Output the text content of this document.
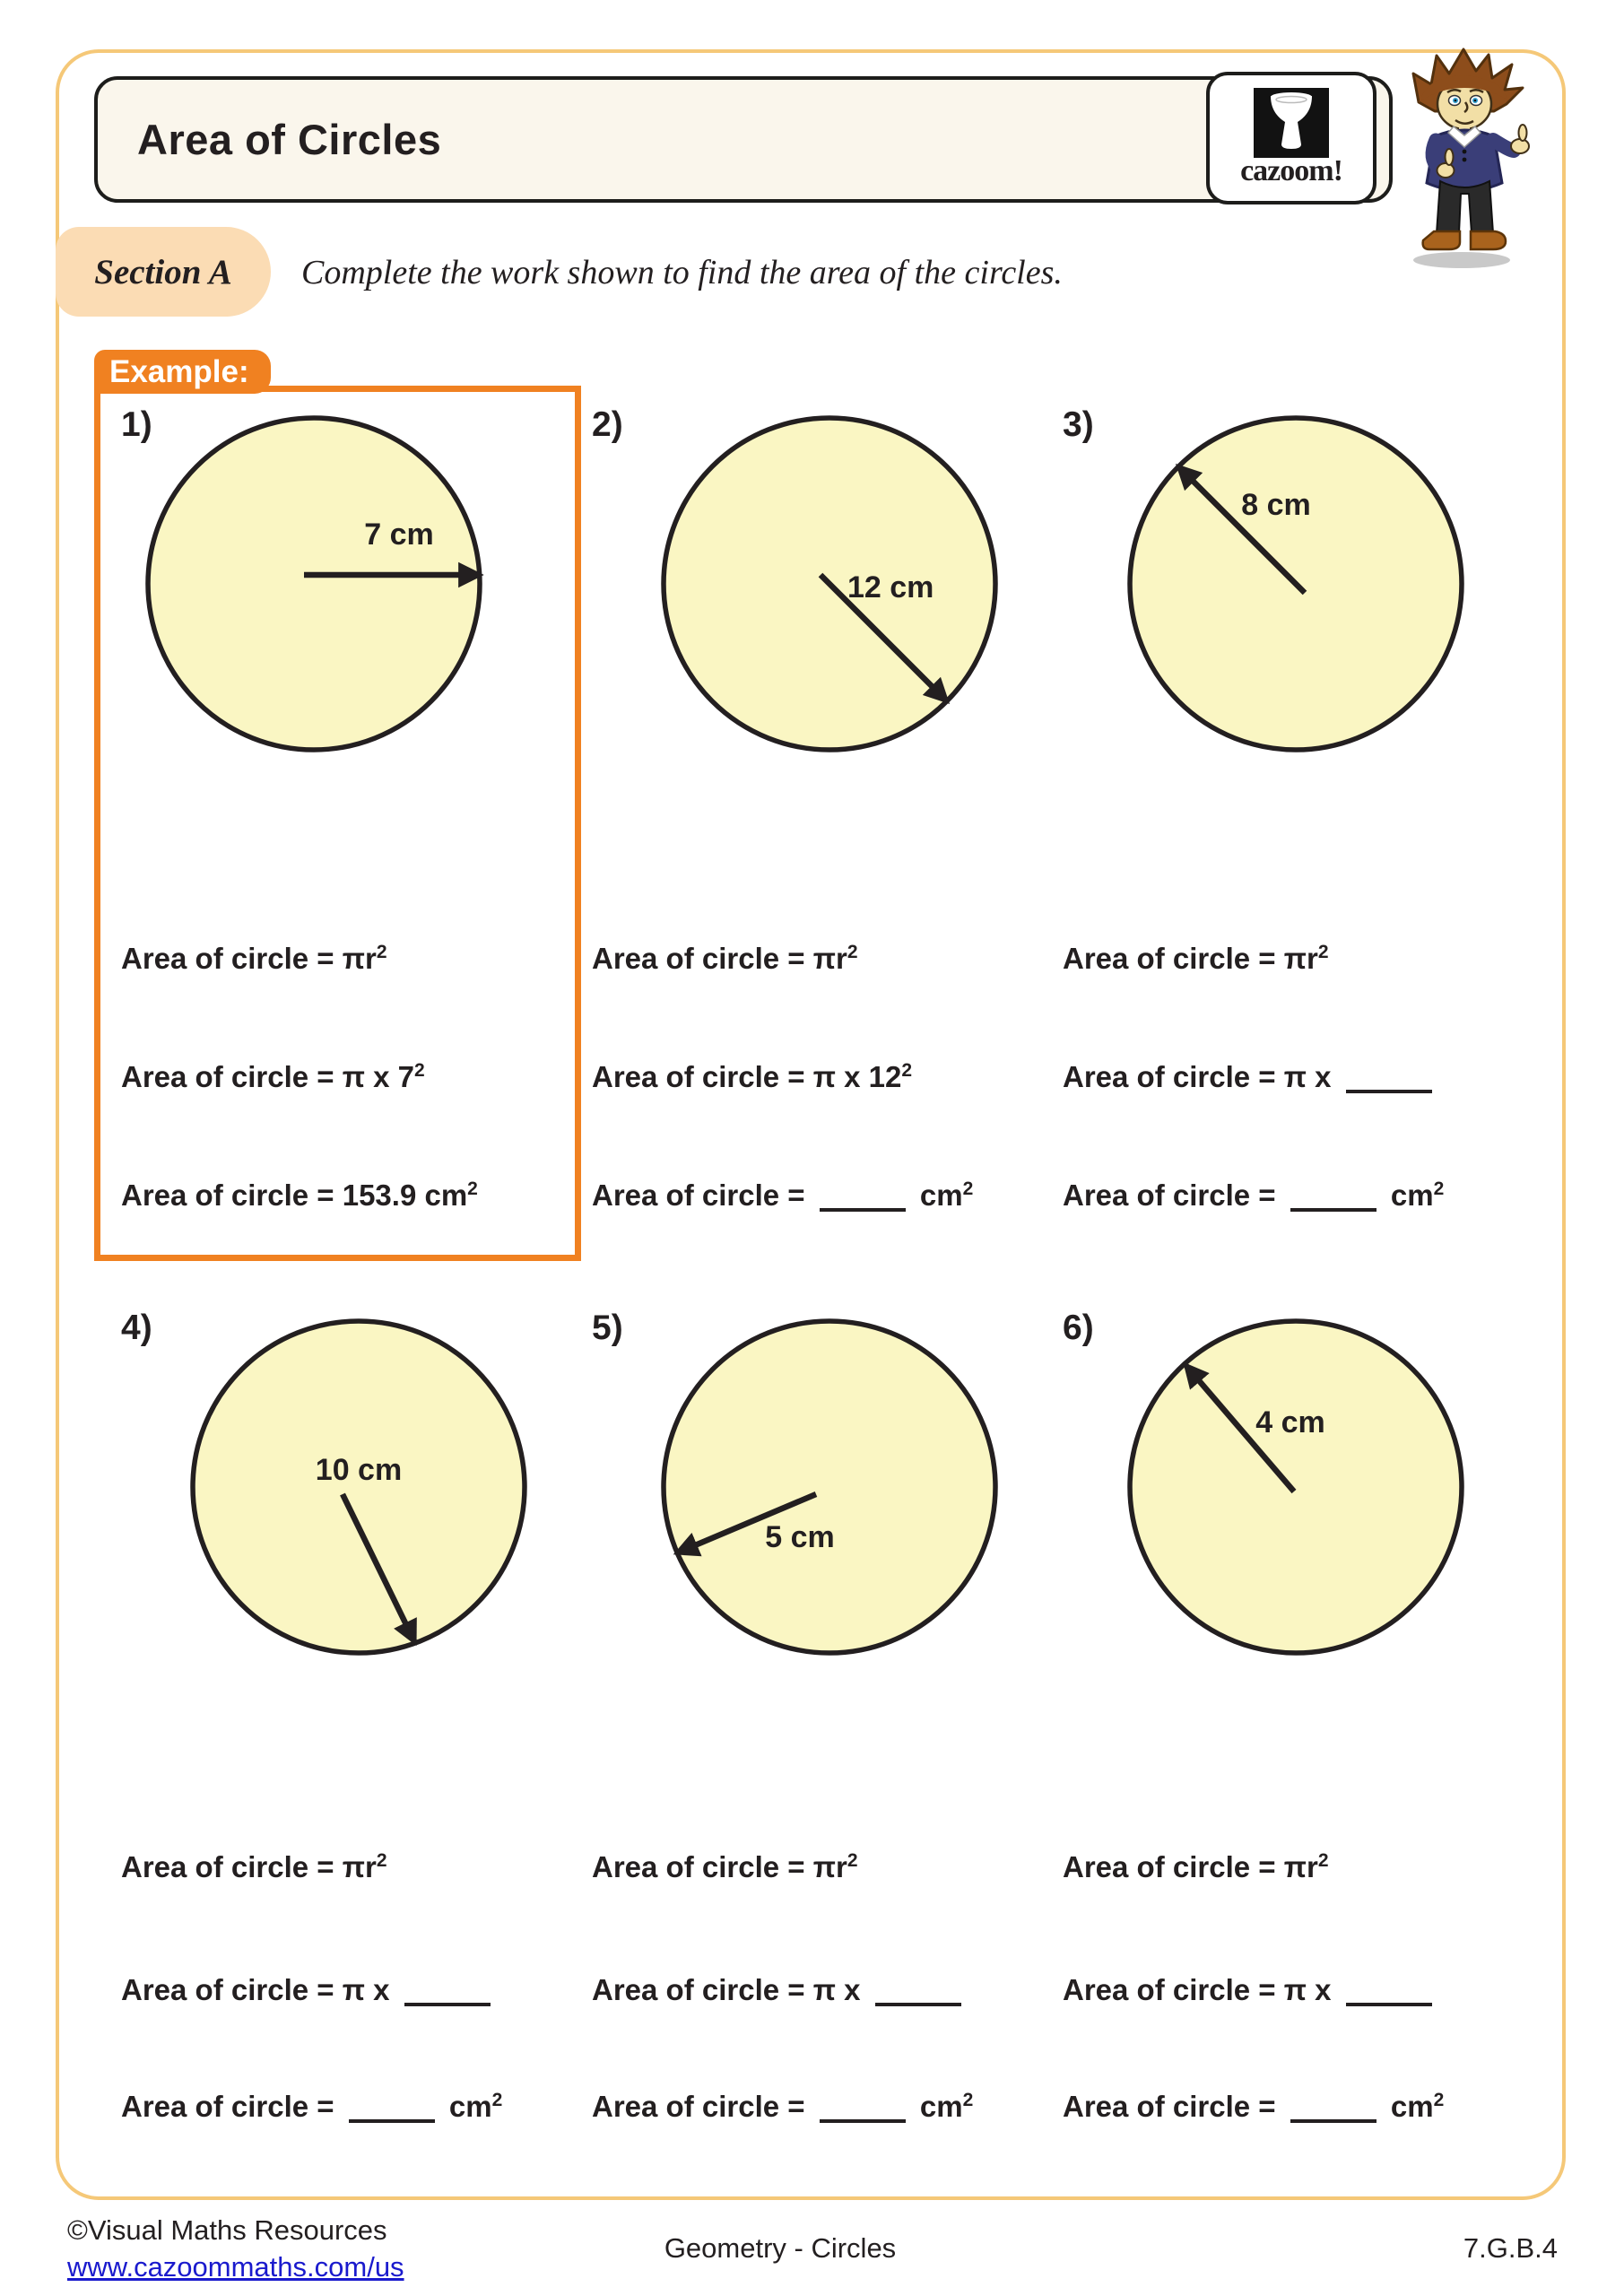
Area of Circles
cazoom!
Section A Complete the work shown to find the area of the circles.
Example:
1)
7 cm
2)
12 cm
3)
8 cm
4)
10 cm
5)
5 cm
6)
4 cm
Area of circle = $\pi r^2$
Area of circle = π x $7^2$
Area of circle = 153.9 $cm^2$
Area of circle = $\pi r^2$
Area of circle = π x $12^2$
Area of circle =	$cm^2$
Area of circle = $\pi r^2$
Area of circle = π x
Area of circle =	$cm^2$
Area of circle = $\pi r^2$
Area of circle = π x
Area of circle =	$cm^2$
Area of circle = $\pi r^2$
Area of circle = π x
Area of circle =	$cm^2$
Area of circle = $\pi r^2$
Area of circle = π x
Area of circle =	$cm^2$
©Visual Maths Resources
www.cazoommaths.com/us
Geometry - Circles	7.G.B.4
